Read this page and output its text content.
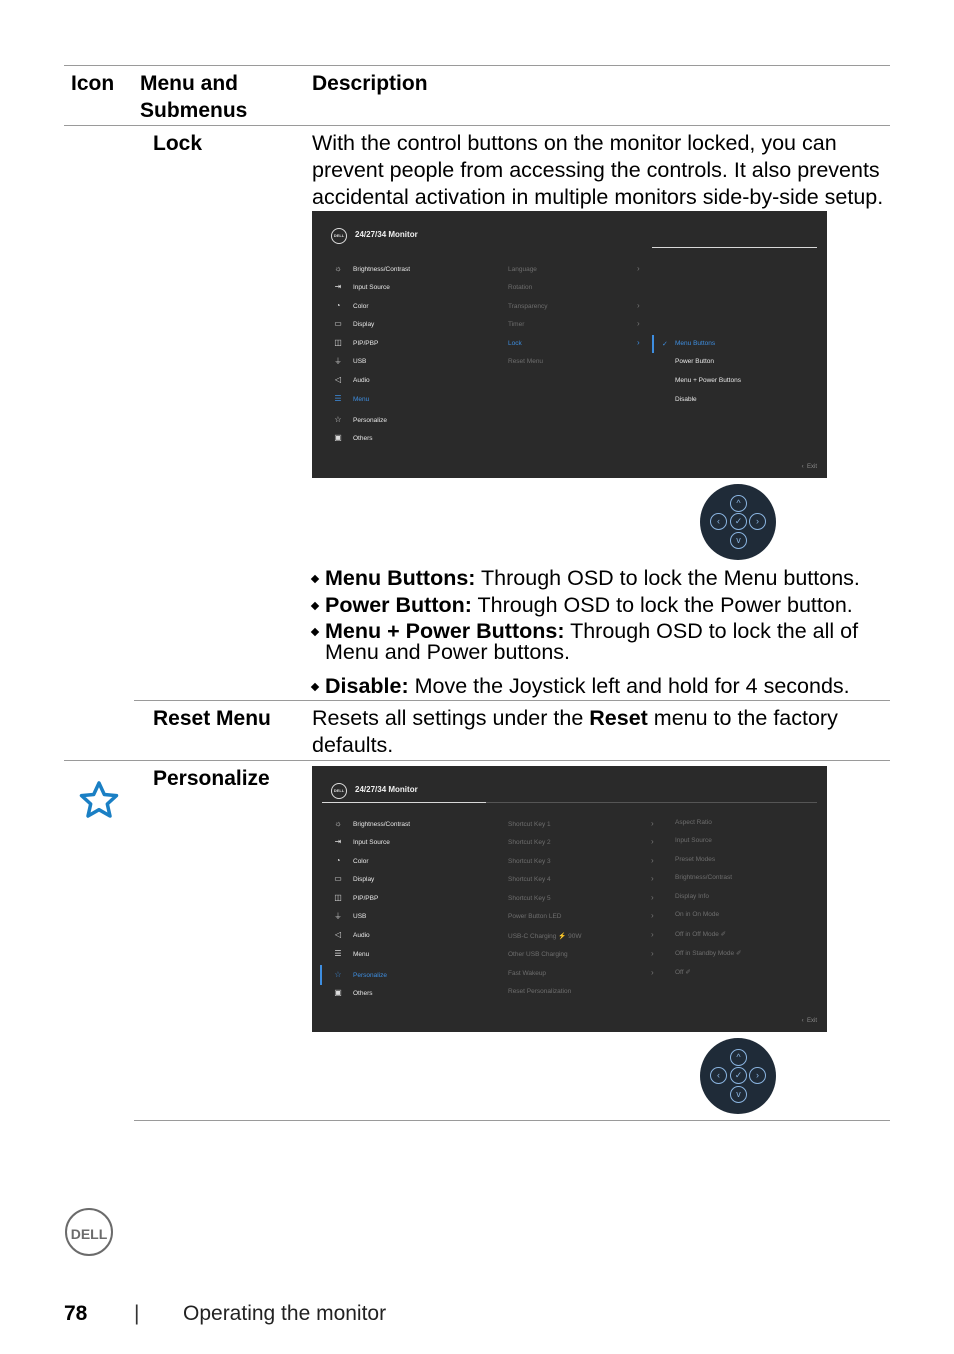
Icon Menu and Submenus
Description
Lock	With the control buttons on the monitor locked, you can prevent people from accessing the controls. It also prevents accidental activation in multiple monitors side-by-side setup.
DELL	24/27/34 Monitor
☼
⇥
◔
▭
◫
⏚
◁
☰
☆
▣
Brightness/Contrast
Input Source
Color
Display
PIP/PBP
USB
Audio
Menu
Personalize
Others
Language
Rotation
Transparency
Timer
Lock
Reset Menu
›
›
›
›	✓ Menu Buttons
Power Button
Menu + Power Buttons
Disable
‹ Exit
^
‹	✓	›
v
Menu Buttons: Through OSD to lock the Menu buttons.
Power Button: Through OSD to lock the Power button.
Menu + Power Buttons: Through OSD to lock the all of Menu and Power buttons.
Disable: Move the Joystick left and hold for 4 seconds.
Reset Menu Resets all settings under the Reset menu to the factory defaults.
Personalize
DELL	24/27/34 Monitor
☼
⇥
◔
▭
◫
⏚
◁
☰
☆
▣
Brightness/Contrast
Input Source
Color
Display
PIP/PBP
USB
Audio
Menu
Personalize
Others
Shortcut Key 1
Shortcut Key 2
Shortcut Key 3
Shortcut Key 4
Shortcut Key 5
Power Button LED
USB-C Charging ⚡ 90W
Other USB Charging
Fast Wakeup
Reset Personalization
›
›
›
›
›
›
›
›
›
Aspect Ratio
Input Source
Preset Modes
Brightness/Contrast
Display Info
On in On Mode
Off in Off Mode ✐
Off in Standby Mode ✐
Off ✐
‹ Exit
^
‹	✓	›
v
DELL
78 | Operating the monitor
